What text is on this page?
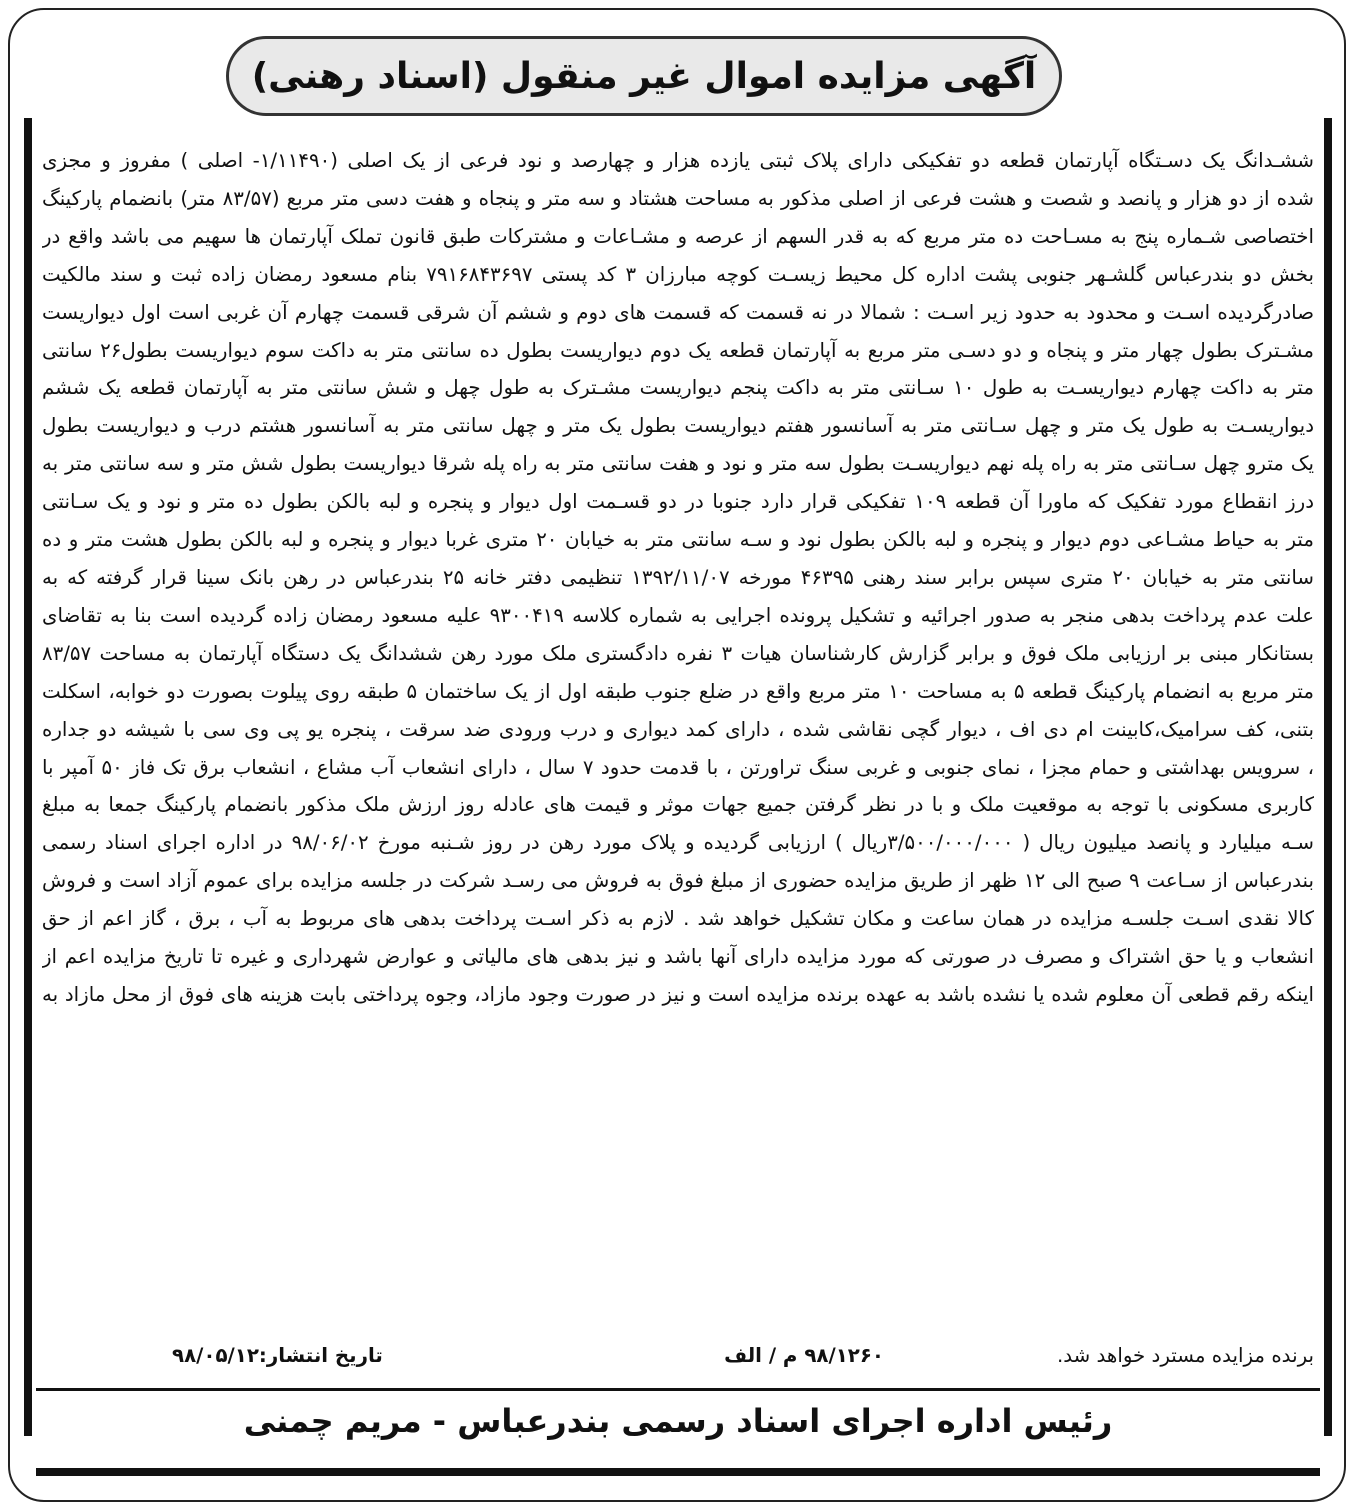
آگهی مزایده اموال غیر منقول (اسناد رهنی)
ششـدانگ یک دسـتگاه آپارتمان قطعه دو تفکیکی دارای پلاک ثبتی یازده هزار و چهارصد و نود فرعی از یک اصلی (۱/۱۱۴۹۰- اصلی ) مفروز و مجزی
شده از دو هزار و پانصد و شصت و هشت فرعی از اصلی مذکور به مساحت هشتاد و سه متر و پنجاه و هفت دسی متر مربع (۸۳/۵۷ متر) بانضمام پارکینگ
اختصاصی شـماره پنج به مسـاحت ده متر مربع که به قدر السهم از عرصه و مشـاعات و مشترکات طبق قانون تملک آپارتمان ها سهیم می باشد واقع در
بخش دو بندرعباس گلشـهر جنوبی پشت اداره کل محیط زیسـت کوچه مبارزان ۳ کد پستی ۷۹۱۶۸۴۳۶۹۷ بنام مسعود رمضان زاده ثبت و سند مالکیت
صادرگردیده اسـت و محدود به حدود زیر اسـت : شمالا در نه قسمت که قسمت های دوم و ششم آن شرقی قسمت چهارم آن غربی است اول دیواریست
مشـترک بطول چهار متر و پنجاه و دو دسـی متر مربع به آپارتمان قطعه یک دوم دیواریست بطول ده سانتی متر به داکت سوم دیواریست بطول۲۶ سانتی
متر به داکت چهارم دیواریسـت به طول ۱۰ سـانتی متر به داکت پنجم دیواریست مشـترک به طول چهل و شش سانتی متر به آپارتمان قطعه یک ششم
دیواریسـت به طول یک متر و چهل سـانتی متر به آسانسور هفتم دیواریست بطول یک متر و چهل سانتی متر به آسانسور هشتم درب و دیواریست بطول
یک مترو چهل سـانتی متر به راه پله نهم دیواریسـت بطول سه متر و نود و هفت سانتی متر به راه پله شرقا دیواریست بطول شش متر و سه سانتی متر به
درز انقطاع مورد تفکیک که ماورا آن قطعه ۱۰۹ تفکیکی قرار دارد جنوبا در دو قسـمت اول دیوار و پنجره و لبه بالکن بطول ده متر و نود و یک سـانتی
متر به حیاط مشـاعی دوم دیوار و پنجره و لبه بالکن بطول نود و سـه سانتی متر به خیابان ۲۰ متری غربا دیوار و پنجره و لبه بالکن بطول هشت متر و ده
سانتی متر به خیابان ۲۰ متری سپس برابر سند رهنی ۴۶۳۹۵ مورخه ۱۳۹۲/۱۱/۰۷ تنظیمی دفتر خانه ۲۵ بندرعباس در رهن بانک سینا قرار گرفته که به
علت عدم پرداخت بدهی منجر به صدور اجرائیه و تشکیل پرونده اجرایی به شماره کلاسه ۹۳۰۰۴۱۹ علیه مسعود رمضان زاده گردیده است بنا به تقاضای
بستانکار مبنی بر ارزیابی ملک فوق و برابر گزارش کارشناسان هیات ۳ نفره دادگستری ملک مورد رهن ششدانگ یک دستگاه آپارتمان به مساحت ۸۳/۵۷
متر مربع به انضمام پارکینگ قطعه ۵ به مساحت ۱۰ متر مربع واقع در ضلع جنوب طبقه اول از یک ساختمان ۵ طبقه روی پیلوت بصورت دو خوابه، اسکلت
بتنی، کف سرامیک،کابینت ام دی اف ، دیوار گچی نقاشی شده ، دارای کمد دیواری و درب ورودی ضد سرقت ، پنجره یو پی وی سی با شیشه دو جداره
، سرویس بهداشتی و حمام مجزا ، نمای جنوبی و غربی سنگ تراورتن ، با قدمت حدود ۷ سال ، دارای انشعاب آب مشاع ، انشعاب برق تک فاز ۵۰ آمپر با
کاربری مسکونی با توجه به موقعیت ملک و با در نظر گرفتن جمیع جهات موثر و قیمت های عادله روز ارزش ملک مذکور بانضمام پارکینگ جمعا به مبلغ
سـه میلیارد و پانصد میلیون ریال ( ۳/۵۰۰/۰۰۰/۰۰۰ریال ) ارزیابی گردیده و پلاک مورد رهن در روز شـنبه مورخ ۹۸/۰۶/۰۲ در اداره اجرای اسناد رسمی
بندرعباس از سـاعت ۹ صبح الی ۱۲ ظهر از طریق مزایده حضوری از مبلغ فوق به فروش می رسـد شرکت در جلسه مزایده برای عموم آزاد است و فروش
کالا نقدی اسـت جلسـه مزایده در همان ساعت و مکان تشکیل خواهد شد . لازم به ذکر اسـت پرداخت بدهی های مربوط به آب ، برق ، گاز اعم از حق
انشعاب و یا حق اشتراک و مصرف در صورتی که مورد مزایده دارای آنها باشد و نیز بدهی های مالیاتی و عوارض شهرداری و غیره تا تاریخ مزایده اعم از
اینکه رقم قطعی آن معلوم شده یا نشده باشد به عهده برنده مزایده است و نیز در صورت وجود مازاد، وجوه پرداختی بابت هزینه های فوق از محل مازاد به
برنده مزایده مسترد خواهد شد.
۹۸/۱۲۶۰ م / الف
تاریخ انتشار:۹۸/۰۵/۱۲
رئیس اداره اجرای اسناد رسمی بندرعباس - مریم چمنی
